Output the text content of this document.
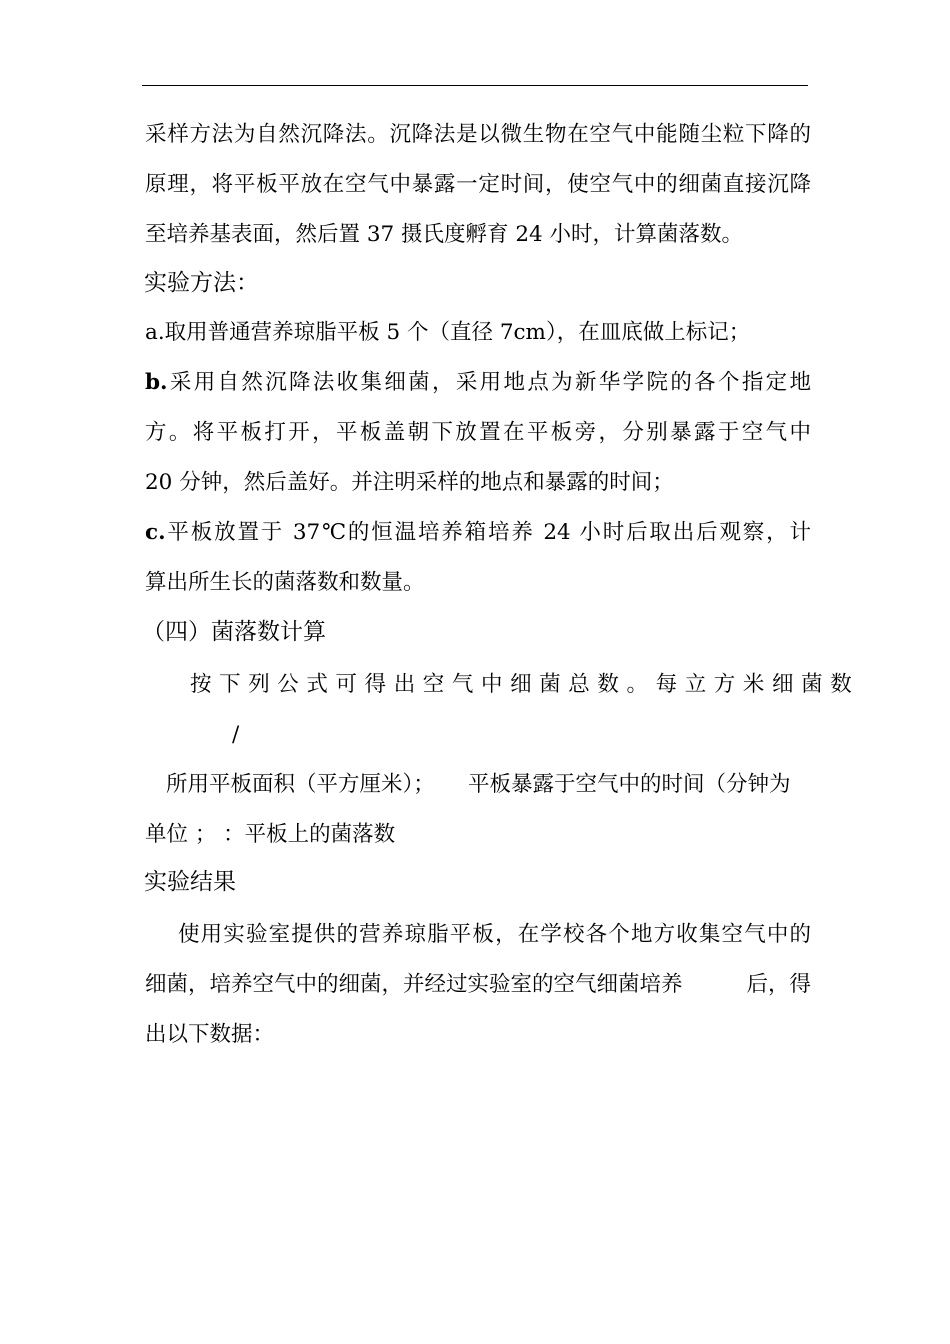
采样方法为自然沉降法。沉降法是以微生物在空气中能随尘粒下降的
原理，将平板平放在空气中暴露一定时间，使空气中的细菌直接沉降
至培养基表面，然后置 37 摄氏度孵育 24 小时，计算菌落数。
实验方法：
a.取用普通营养琼脂平板 5 个（直径 7cm），在皿底做上标记；
b.采用自然沉降法收集细菌，采用地点为新华学院的各个指定地
方。将平板打开，平板盖朝下放置在平板旁，分别暴露于空气中
20 分钟，然后盖好。并注明采样的地点和暴露的时间；
c.平板放置于 37℃的恒温培养箱培养 24 小时后取出后观察，计
算出所生长的菌落数和数量。
（四）菌落数计算
按下列公式可得出空气中细菌总数。每立方米细菌数
/
所用平板面积（平方厘米）；	平板暴露于空气中的时间（分钟为
单位 ； ：平板上的菌落数
实验结果
使用实验室提供的营养琼脂平板，在学校各个地方收集空气中的
细菌，培养空气中的细菌，并经过实验室的空气细菌培养	后，得
出以下数据：
